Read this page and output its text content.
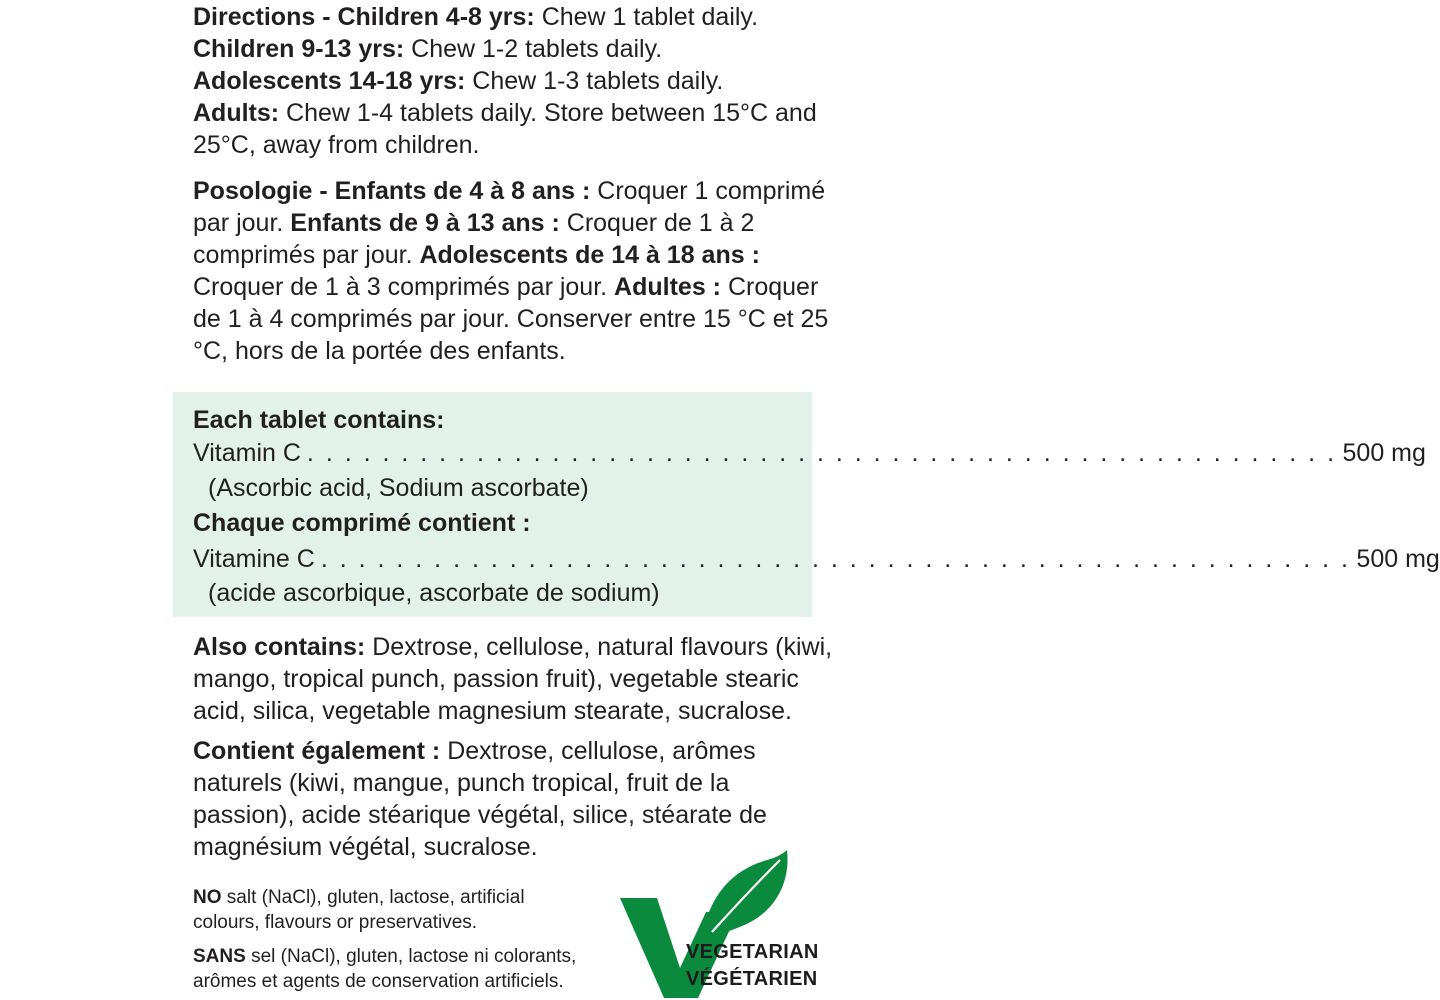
Directions - Children 4-8 yrs: Chew 1 tablet daily.
Children 9-13 yrs: Chew 1-2 tablets daily.
Adolescents 14-18 yrs: Chew 1-3 tablets daily.
Adults: Chew 1-4 tablets daily. Store between 15°C and 25°C, away from children.

Posologie - Enfants de 4 à 8 ans : Croquer 1 comprimé par jour. Enfants de 9 à 13 ans : Croquer de 1 à 2 comprimés par jour. Adolescents de 14 à 18 ans : Croquer de 1 à 3 comprimés par jour. Adultes : Croquer de 1 à 4 comprimés par jour. Conserver entre 15 °C et 25 °C, hors de la portée des enfants.

Each tablet contains:
Vitamin C . . . . . . . . . . . . . . . . . . . . . . . . . . . . . . . . . . . . . . . . . . . . . . . . . . . . . . . 500 mg
(Ascorbic acid, Sodium ascorbate)
Chaque comprimé contient :
Vitamine C . . . . . . . . . . . . . . . . . . . . . . . . . . . . . . . . . . . . . . . . . . . . . . . . . . . . . . . 500 mg
(acide ascorbique, ascorbate de sodium)

Also contains: Dextrose, cellulose, natural flavours (kiwi, mango, tropical punch, passion fruit), vegetable stearic acid, silica, vegetable magnesium stearate, sucralose.

Contient également : Dextrose, cellulose, arômes naturels (kiwi, mangue, punch tropical, fruit de la passion), acide stéarique végétal, silice, stéarate de magnésium végétal, sucralose.

NO salt (NaCl), gluten, lactose, artificial colours, flavours or preservatives.

SANS sel (NaCl), gluten, lactose ni colorants, arômes et agents de conservation artificiels.

VEGETARIAN
VÉGÉTARIEN
